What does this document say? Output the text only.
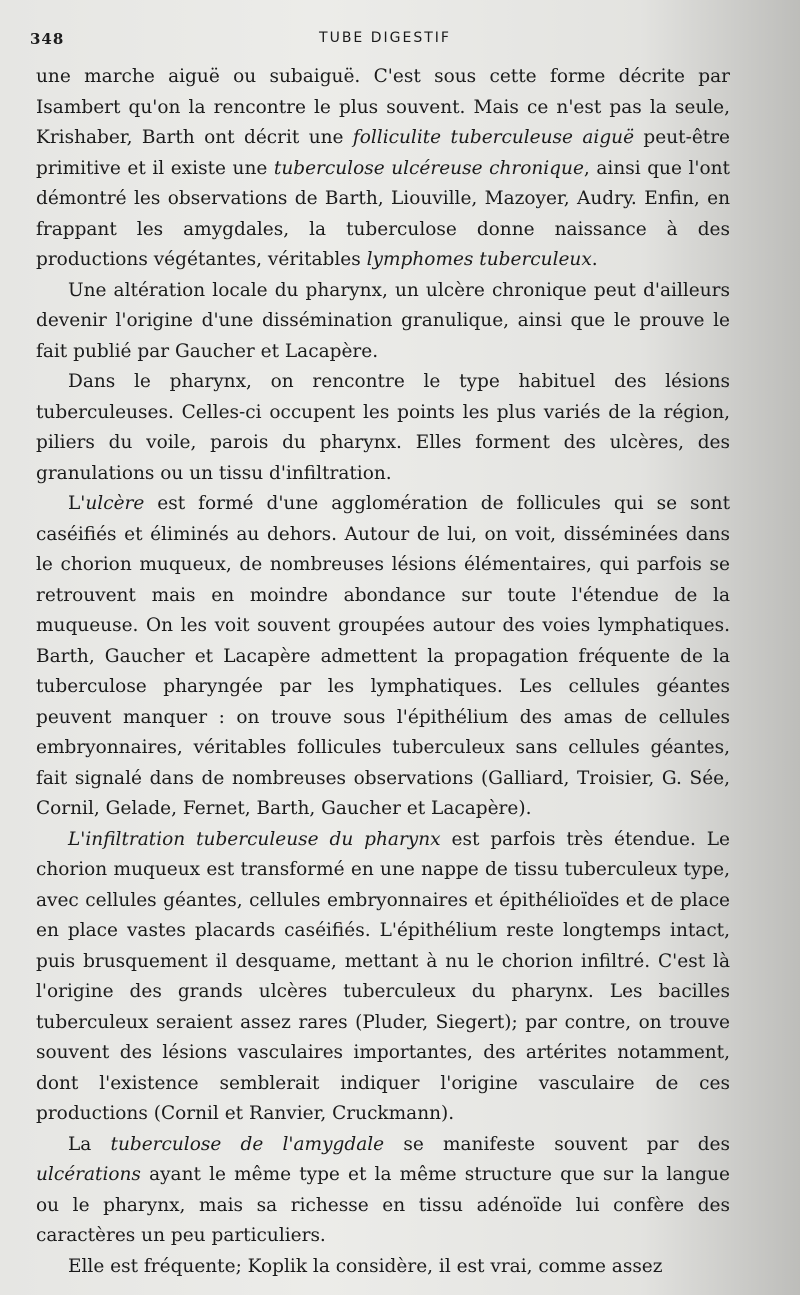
348	TUBE DIGESTIF

une marche aiguë ou subaiguë. C'est sous cette forme décrite par Isambert qu'on la rencontre le plus souvent. Mais ce n'est pas la seule, Krishaber, Barth ont décrit une folliculite tuberculeuse aiguë peut-être primitive et il existe une tuberculose ulcéreuse chronique, ainsi que l'ont démontré les observations de Barth, Liouville, Mazoyer, Audry. Enfin, en frappant les amygdales, la tuberculose donne naissance à des productions végétantes, véritables lymphomes tuberculeux.

Une altération locale du pharynx, un ulcère chronique peut d'ailleurs devenir l'origine d'une dissémination granulique, ainsi que le prouve le fait publié par Gaucher et Lacapère.

Dans le pharynx, on rencontre le type habituel des lésions tuberculeuses. Celles-ci occupent les points les plus variés de la région, piliers du voile, parois du pharynx. Elles forment des ulcères, des granulations ou un tissu d'infiltration.

L'ulcère est formé d'une agglomération de follicules qui se sont caséifiés et éliminés au dehors. Autour de lui, on voit, disséminées dans le chorion muqueux, de nombreuses lésions élémentaires, qui parfois se retrouvent mais en moindre abondance sur toute l'étendue de la muqueuse. On les voit souvent groupées autour des voies lymphatiques. Barth, Gaucher et Lacapère admettent la propagation fréquente de la tuberculose pharyngée par les lymphatiques. Les cellules géantes peuvent manquer : on trouve sous l'épithélium des amas de cellules embryonnaires, véritables follicules tuberculeux sans cellules géantes, fait signalé dans de nombreuses observations (Galliard, Troisier, G. Sée, Cornil, Gelade, Fernet, Barth, Gaucher et Lacapère).

L'infiltration tuberculeuse du pharynx est parfois très étendue. Le chorion muqueux est transformé en une nappe de tissu tuberculeux type, avec cellules géantes, cellules embryonnaires et épithélioïdes et de place en place vastes placards caséifiés. L'épithélium reste longtemps intact, puis brusquement il desquame, mettant à nu le chorion infiltré. C'est là l'origine des grands ulcères tuberculeux du pharynx. Les bacilles tuberculeux seraient assez rares (Pluder, Siegert); par contre, on trouve souvent des lésions vasculaires importantes, des artérites notamment, dont l'existence semblerait indiquer l'origine vasculaire de ces productions (Cornil et Ranvier, Cruckmann).

La tuberculose de l'amygdale se manifeste souvent par des ulcérations ayant le même type et la même structure que sur la langue ou le pharynx, mais sa richesse en tissu adénoïde lui confère des caractères un peu particuliers.

Elle est fréquente; Koplik la considère, il est vrai, comme assez
